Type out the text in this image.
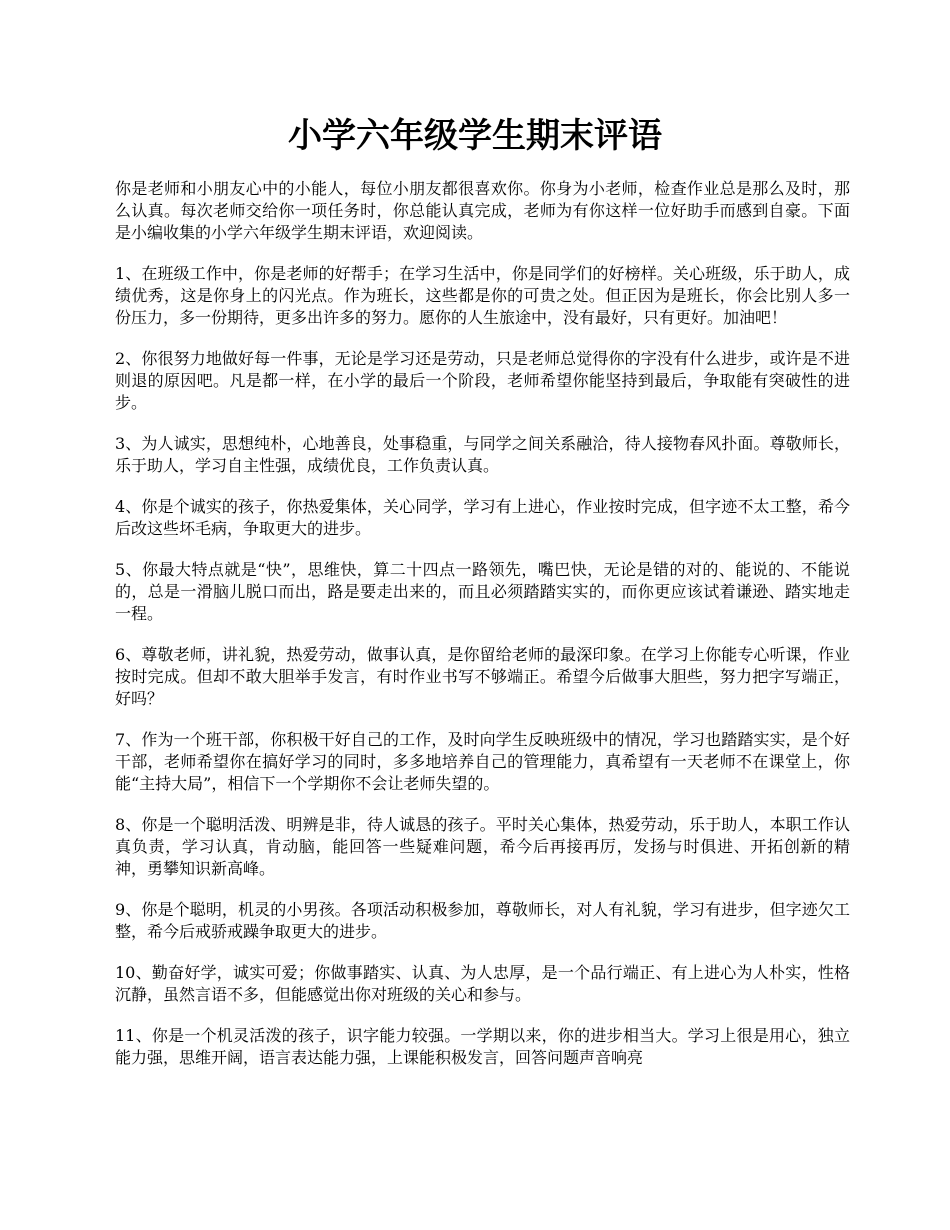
小学六年级学生期末评语

你是老师和小朋友心中的小能人，每位小朋友都很喜欢你。你身为小老师，检查作业总是那么及时，那么认真。每次老师交给你一项任务时，你总能认真完成，老师为有你这样一位好助手而感到自豪。下面是小编收集的小学六年级学生期末评语，欢迎阅读。

1、在班级工作中，你是老师的好帮手；在学习生活中，你是同学们的好榜样。关心班级，乐于助人，成绩优秀，这是你身上的闪光点。作为班长，这些都是你的可贵之处。但正因为是班长，你会比别人多一份压力，多一份期待，更多出许多的努力。愿你的人生旅途中，没有最好，只有更好。加油吧！

2、你很努力地做好每一件事，无论是学习还是劳动，只是老师总觉得你的字没有什么进步，或许是不进则退的原因吧。凡是都一样，在小学的最后一个阶段，老师希望你能坚持到最后，争取能有突破性的进步。

3、为人诚实，思想纯朴，心地善良，处事稳重，与同学之间关系融洽，待人接物春风扑面。尊敬师长，乐于助人，学习自主性强，成绩优良，工作负责认真。

4、你是个诚实的孩子，你热爱集体，关心同学，学习有上进心，作业按时完成，但字迹不太工整，希今后改这些坏毛病，争取更大的进步。

5、你最大特点就是“快”，思维快，算二十四点一路领先，嘴巴快，无论是错的对的、能说的、不能说的，总是一滑脑儿脱口而出，路是要走出来的，而且必须踏踏实实的，而你更应该试着谦逊、踏实地走一程。

6、尊敬老师，讲礼貌，热爱劳动，做事认真，是你留给老师的最深印象。在学习上你能专心听课，作业按时完成。但却不敢大胆举手发言，有时作业书写不够端正。希望今后做事大胆些，努力把字写端正，好吗？

7、作为一个班干部，你积极干好自己的工作，及时向学生反映班级中的情况，学习也踏踏实实，是个好干部，老师希望你在搞好学习的同时，多多地培养自己的管理能力，真希望有一天老师不在课堂上，你能“主持大局”，相信下一个学期你不会让老师失望的。

8、你是一个聪明活泼、明辨是非，待人诚恳的孩子。平时关心集体，热爱劳动，乐于助人，本职工作认真负责，学习认真，肯动脑，能回答一些疑难问题，希今后再接再厉，发扬与时俱进、开拓创新的精神，勇攀知识新高峰。

9、你是个聪明，机灵的小男孩。各项活动积极参加，尊敬师长，对人有礼貌，学习有进步，但字迹欠工整，希今后戒骄戒躁争取更大的进步。

10、勤奋好学，诚实可爱；你做事踏实、认真、为人忠厚，是一个品行端正、有上进心为人朴实，性格沉静，虽然言语不多，但能感觉出你对班级的关心和参与。

11、你是一个机灵活泼的孩子，识字能力较强。一学期以来，你的进步相当大。学习上很是用心，独立能力强，思维开阔，语言表达能力强，上课能积极发言，回答问题声音响亮
